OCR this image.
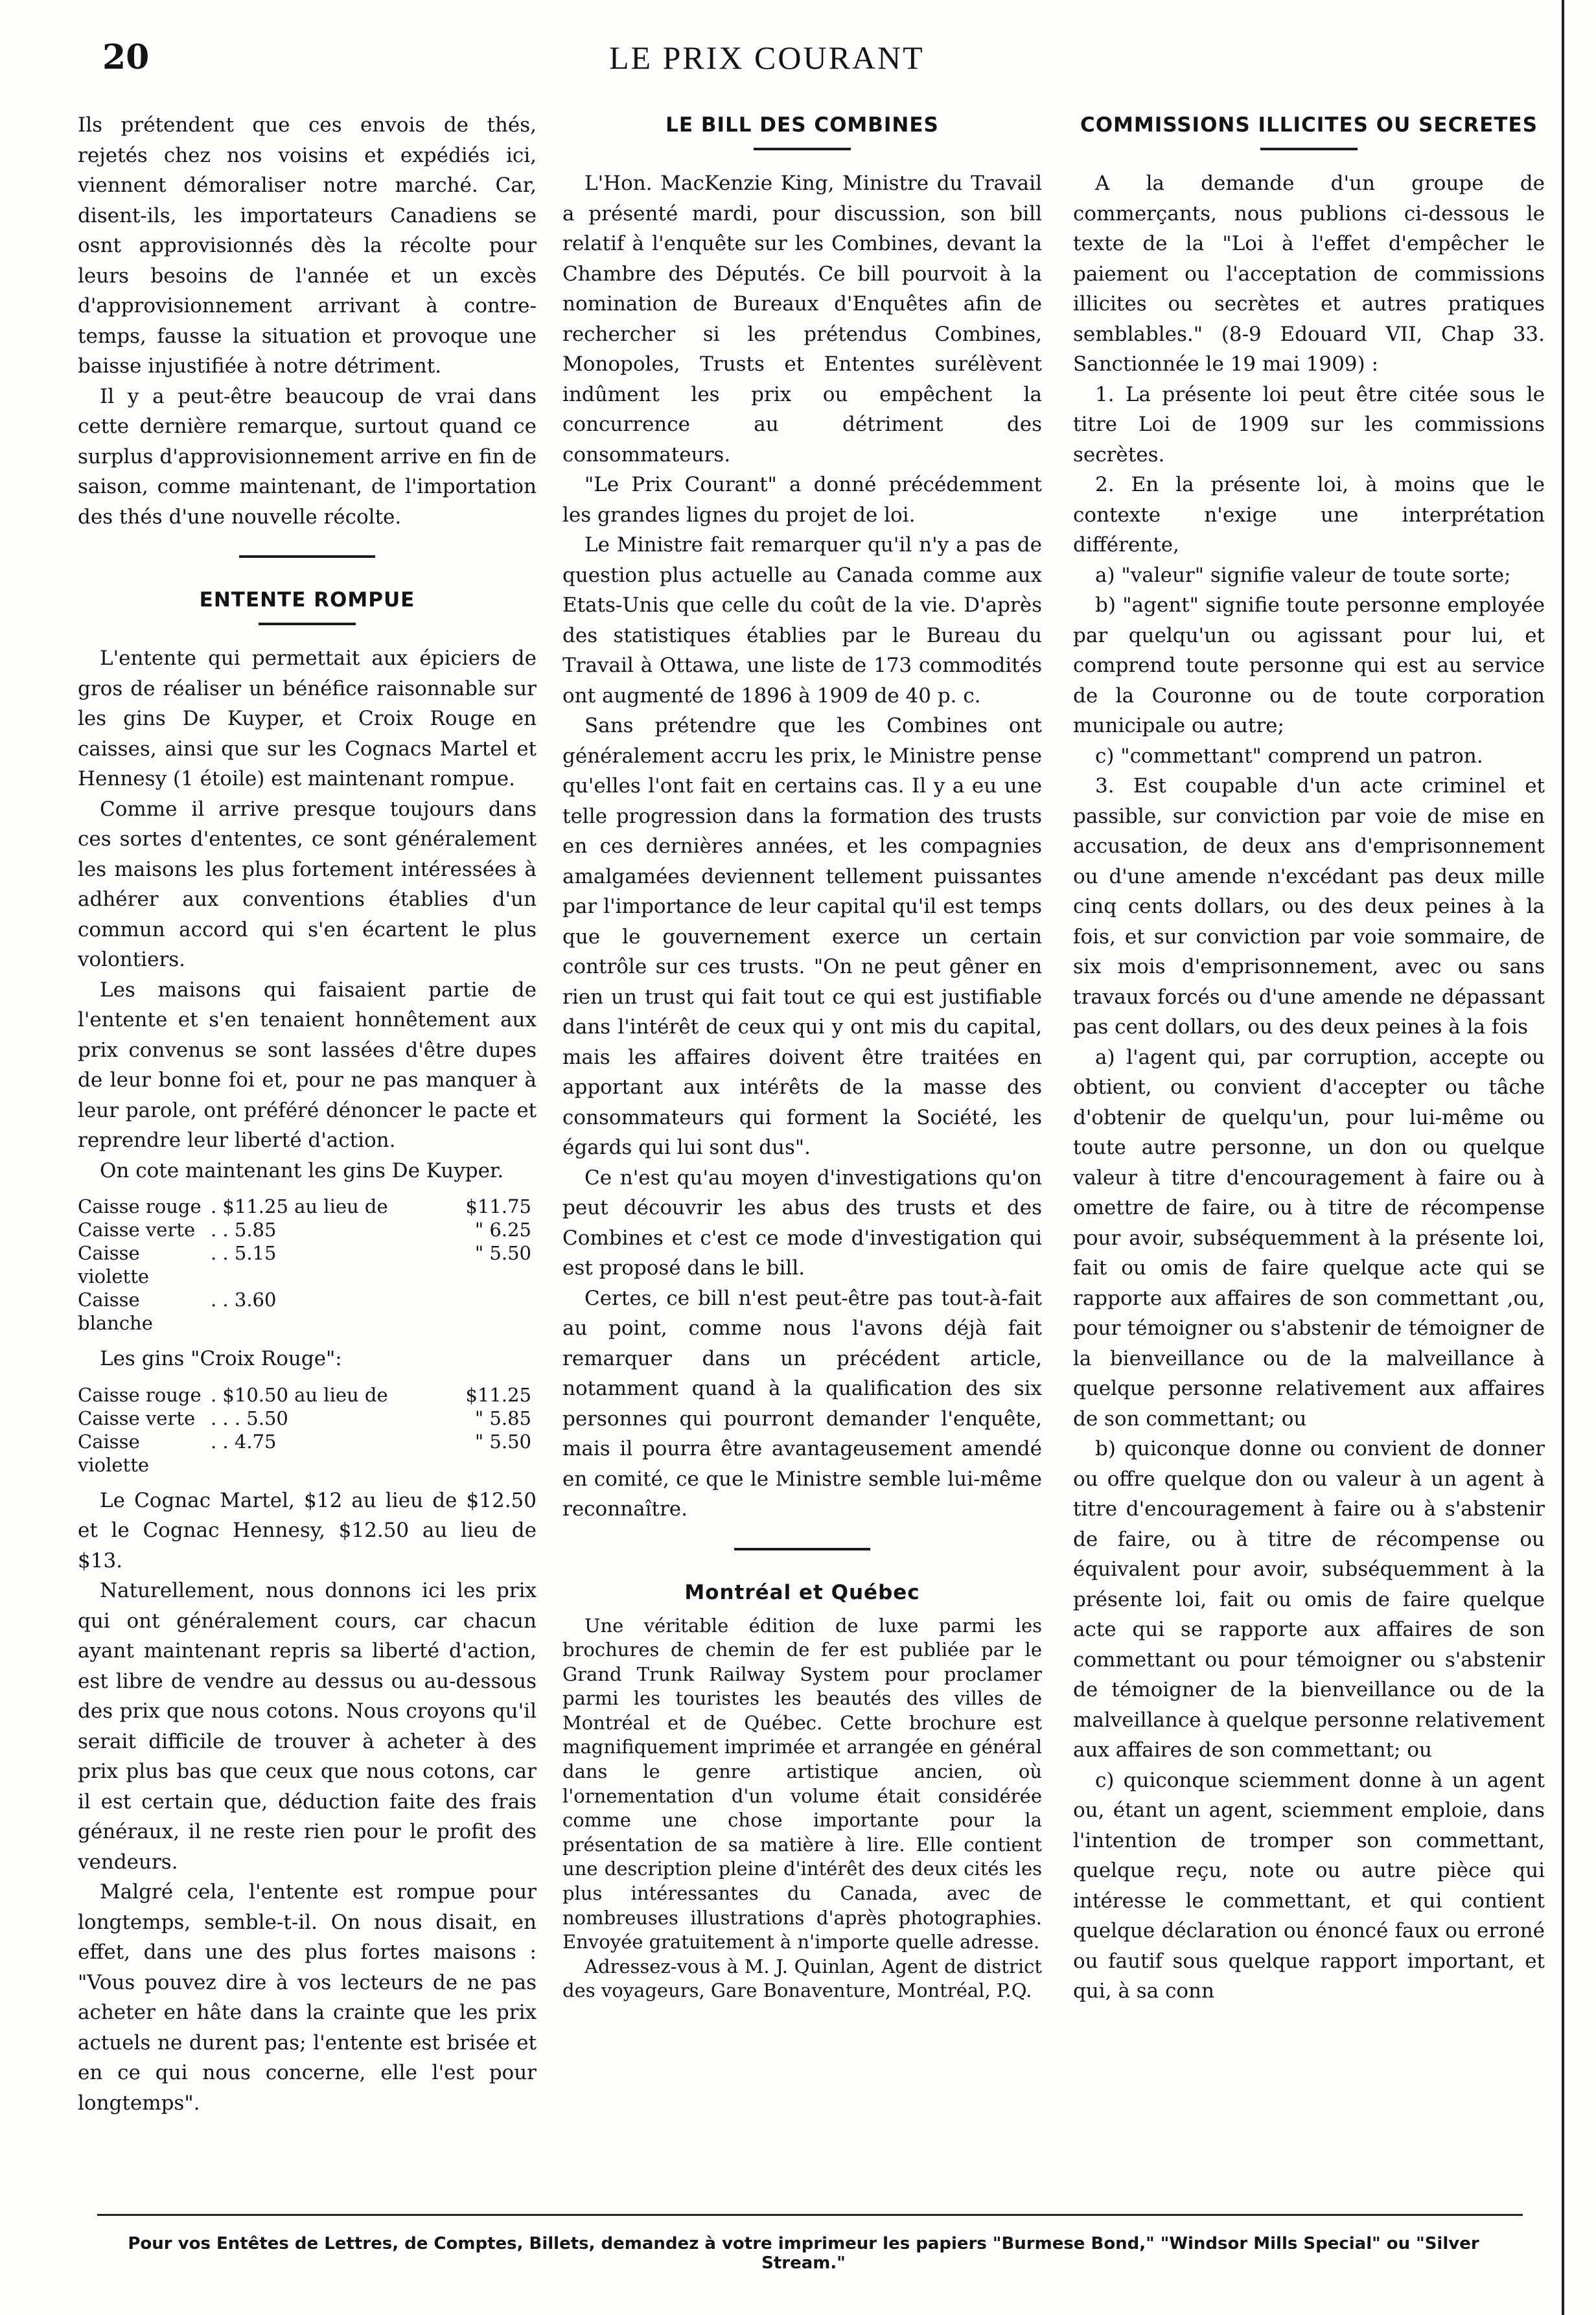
20	LE PRIX COURANT

Ils prétendent que ces envois de thés, rejetés chez nos voisins et expédiés ici, viennent démoraliser notre marché. Car, disent-ils, les importateurs Canadiens se osnt approvisionnés dès la récolte pour leurs besoins de l'année et un excès d'approvisionnement arrivant à contre-temps, fausse la situation et provoque une baisse injustifiée à notre détriment.

Il y a peut-être beaucoup de vrai dans cette dernière remarque, surtout quand ce surplus d'approvisionnement arrive en fin de saison, comme maintenant, de l'importation des thés d'une nouvelle récolte.

ENTENTE ROMPUE

L'entente qui permettait aux épiciers de gros de réaliser un bénéfice raisonnable sur les gins De Kuyper, et Croix Rouge en caisses, ainsi que sur les Cognacs Martel et Hennesy (1 étoile) est maintenant rompue.

Comme il arrive presque toujours dans ces sortes d'ententes, ce sont généralement les maisons les plus fortement intéressées à adhérer aux conventions établies d'un commun accord qui s'en écartent le plus volontiers.

Les maisons qui faisaient partie de l'entente et s'en tenaient honnêtement aux prix convenus se sont lassées d'être dupes de leur bonne foi et, pour ne pas manquer à leur parole, ont préféré dénoncer le pacte et reprendre leur liberté d'action.

On cote maintenant les gins De Kuyper.

Caisse rouge	. $11.25 au lieu de	$11.75
Caisse verte	. . 5.85	" 6.25
Caisse violette	. . 5.15	" 5.50
Caisse blanche	. . 3.60	

Les gins "Croix Rouge":

Caisse rouge	. $10.50 au lieu de	$11.25
Caisse verte	. . . 5.50	" 5.85
Caisse violette	. . 4.75	" 5.50

Le Cognac Martel, $12 au lieu de $12.50 et le Cognac Hennesy, $12.50 au lieu de $13.

Naturellement, nous donnons ici les prix qui ont généralement cours, car chacun ayant maintenant repris sa liberté d'action, est libre de vendre au dessus ou au-dessous des prix que nous cotons. Nous croyons qu'il serait difficile de trouver à acheter à des prix plus bas que ceux que nous cotons, car il est certain que, déduction faite des frais généraux, il ne reste rien pour le profit des vendeurs.

Malgré cela, l'entente est rompue pour longtemps, semble-t-il. On nous disait, en effet, dans une des plus fortes maisons : "Vous pouvez dire à vos lecteurs de ne pas acheter en hâte dans la crainte que les prix actuels ne durent pas; l'entente est brisée et en ce qui nous concerne, elle l'est pour longtemps".

LE BILL DES COMBINES

L'Hon. MacKenzie King, Ministre du Travail a présenté mardi, pour discussion, son bill relatif à l'enquête sur les Combines, devant la Chambre des Députés. Ce bill pourvoit à la nomination de Bureaux d'Enquêtes afin de rechercher si les prétendus Combines, Monopoles, Trusts et Ententes surélèvent indûment les prix ou empêchent la concurrence au détriment des consommateurs.

"Le Prix Courant" a donné précédemment les grandes lignes du projet de loi.

Le Ministre fait remarquer qu'il n'y a pas de question plus actuelle au Canada comme aux Etats-Unis que celle du coût de la vie. D'après des statistiques établies par le Bureau du Travail à Ottawa, une liste de 173 commodités ont augmenté de 1896 à 1909 de 40 p. c.

Sans prétendre que les Combines ont généralement accru les prix, le Ministre pense qu'elles l'ont fait en certains cas. Il y a eu une telle progression dans la formation des trusts en ces dernières années, et les compagnies amalgamées deviennent tellement puissantes par l'importance de leur capital qu'il est temps que le gouvernement exerce un certain contrôle sur ces trusts. "On ne peut gêner en rien un trust qui fait tout ce qui est justifiable dans l'intérêt de ceux qui y ont mis du capital, mais les affaires doivent être traitées en apportant aux intérêts de la masse des consommateurs qui forment la Société, les égards qui lui sont dus".

Ce n'est qu'au moyen d'investigations qu'on peut découvrir les abus des trusts et des Combines et c'est ce mode d'investigation qui est proposé dans le bill.

Certes, ce bill n'est peut-être pas tout-à-fait au point, comme nous l'avons déjà fait remarquer dans un précédent article, notamment quand à la qualification des six personnes qui pourront demander l'enquête, mais il pourra être avantageusement amendé en comité, ce que le Ministre semble lui-même reconnaître.

Montréal et Québec

Une véritable édition de luxe parmi les brochures de chemin de fer est publiée par le Grand Trunk Railway System pour proclamer parmi les touristes les beautés des villes de Montréal et de Québec. Cette brochure est magnifiquement imprimée et arrangée en général dans le genre artistique ancien, où l'ornementation d'un volume était considérée comme une chose importante pour la présentation de sa matière à lire. Elle contient une description pleine d'intérêt des deux cités les plus intéressantes du Canada, avec de nombreuses illustrations d'après photographies. Envoyée gratuitement à n'importe quelle adresse.

Adressez-vous à M. J. Quinlan, Agent de district des voyageurs, Gare Bonaventure, Montréal, P.Q.

COMMISSIONS ILLICITES OU SECRETES

A la demande d'un groupe de commerçants, nous publions ci-dessous le texte de la "Loi à l'effet d'empêcher le paiement ou l'acceptation de commissions illicites ou secrètes et autres pratiques semblables." (8-9 Edouard VII, Chap 33. Sanctionnée le 19 mai 1909) :

1. La présente loi peut être citée sous le titre Loi de 1909 sur les commissions secrètes.

2. En la présente loi, à moins que le contexte n'exige une interprétation différente,

a) "valeur" signifie valeur de toute sorte;

b) "agent" signifie toute personne employée par quelqu'un ou agissant pour lui, et comprend toute personne qui est au service de la Couronne ou de toute corporation municipale ou autre;

c) "commettant" comprend un patron.

3. Est coupable d'un acte criminel et passible, sur conviction par voie de mise en accusation, de deux ans d'emprisonnement ou d'une amende n'excédant pas deux mille cinq cents dollars, ou des deux peines à la fois, et sur conviction par voie sommaire, de six mois d'emprisonnement, avec ou sans travaux forcés ou d'une amende ne dépassant pas cent dollars, ou des deux peines à la fois

a) l'agent qui, par corruption, accepte ou obtient, ou convient d'accepter ou tâche d'obtenir de quelqu'un, pour lui-même ou toute autre personne, un don ou quelque valeur à titre d'encouragement à faire ou à omettre de faire, ou à titre de récompense pour avoir, subséquemment à la présente loi, fait ou omis de faire quelque acte qui se rapporte aux affaires de son commettant ,ou, pour témoigner ou s'abstenir de témoigner de la bienveillance ou de la malveillance à quelque personne relativement aux affaires de son commettant; ou

b) quiconque donne ou convient de donner ou offre quelque don ou valeur à un agent à titre d'encouragement à faire ou à s'abstenir de faire, ou à titre de récompense ou équivalent pour avoir, subséquemment à la présente loi, fait ou omis de faire quelque acte qui se rapporte aux affaires de son commettant ou pour témoigner ou s'abstenir de témoigner de la bienveillance ou de la malveillance à quelque personne relativement aux affaires de son commettant; ou

c) quiconque sciemment donne à un agent ou, étant un agent, sciemment emploie, dans l'intention de tromper son commettant, quelque reçu, note ou autre pièce qui intéresse le commettant, et qui contient quelque déclaration ou énoncé faux ou erroné ou fautif sous quelque rapport important, et qui, à sa conn

Pour vos Entêtes de Lettres, de Comptes, Billets, demandez à votre imprimeur les papiers "Burmese Bond," "Windsor Mills Special" ou "Silver Stream."
